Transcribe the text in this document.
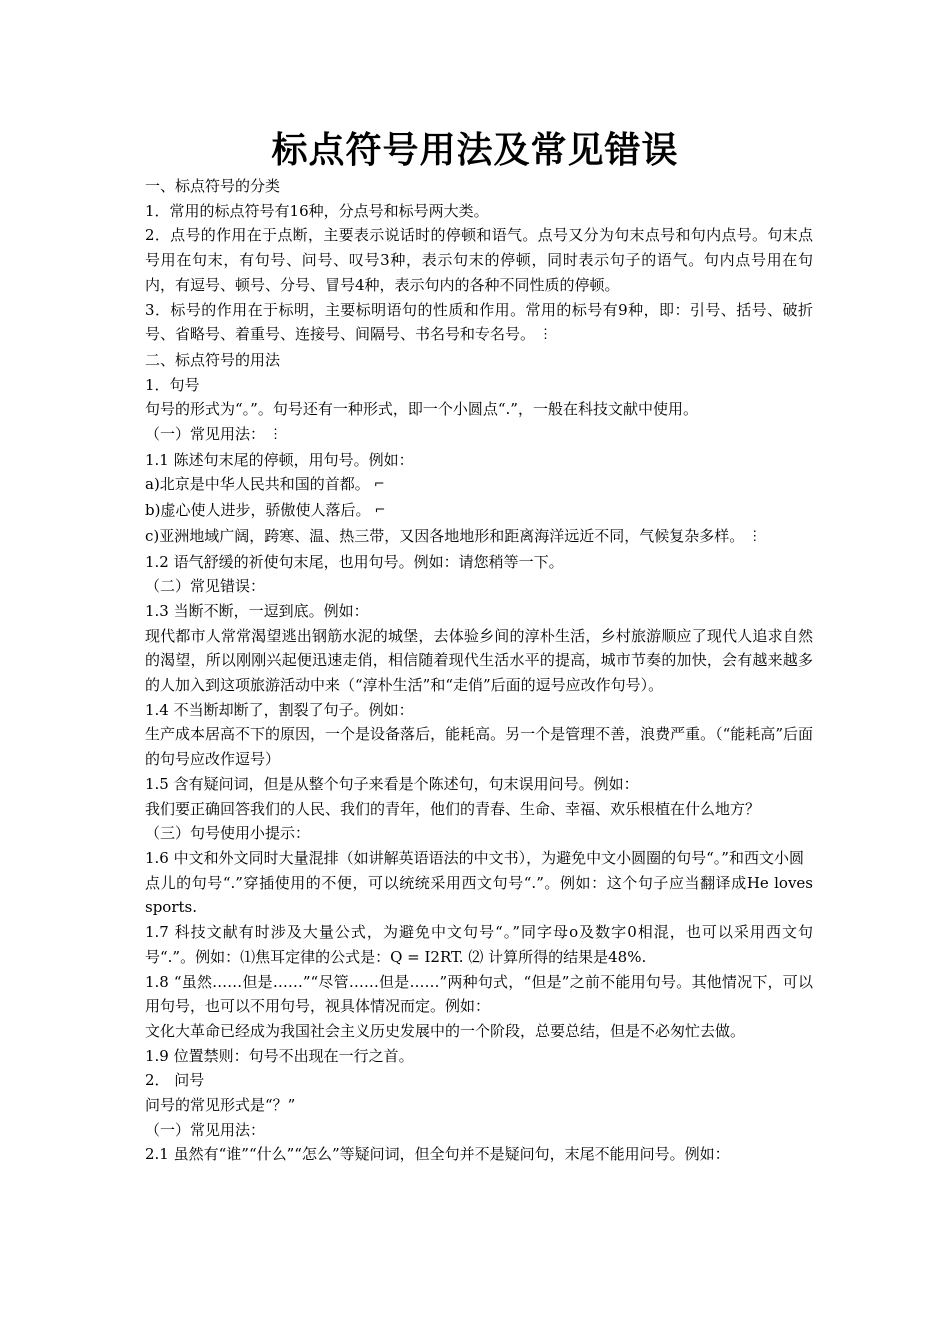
标点符号用法及常见错误

一、标点符号的分类

1．常用的标点符号有16种，分点号和标号两大类。

2．点号的作用在于点断，主要表示说话时的停顿和语气。点号又分为句末点号和句内点号。句末点号用在句末，有句号、问号、叹号3种，表示句末的停顿，同时表示句子的语气。句内点号用在句内，有逗号、顿号、分号、冒号4种，表示句内的各种不同性质的停顿。

3．标号的作用在于标明，主要标明语句的性质和作用。常用的标号有9种，即：引号、括号、破折号、省略号、着重号、连接号、间隔号、书名号和专名号。 ⋮

二、标点符号的用法

1．句号

句号的形式为“。”。句号还有一种形式，即一个小圆点“.”，一般在科技文献中使用。

（一）常见用法： ⋮

1.1 陈述句末尾的停顿，用句号。例如：

a)北京是中华人民共和国的首都。 ⌐

b)虚心使人进步，骄傲使人落后。 ⌐

c)亚洲地域广阔，跨寒、温、热三带，又因各地地形和距离海洋远近不同，气候复杂多样。 ⋮

1.2 语气舒缓的祈使句末尾，也用句号。例如：请您稍等一下。

（二）常见错误：

1.3 当断不断，一逗到底。例如：

现代都市人常常渴望逃出钢筋水泥的城堡，去体验乡间的淳朴生活，乡村旅游顺应了现代人追求自然的渴望，所以刚刚兴起便迅速走俏，相信随着现代生活水平的提高，城市节奏的加快，会有越来越多的人加入到这项旅游活动中来（“淳朴生活”和“走俏”后面的逗号应改作句号）。

1.4 不当断却断了，割裂了句子。例如：

生产成本居高不下的原因，一个是设备落后，能耗高。另一个是管理不善，浪费严重。（“能耗高”后面的句号应改作逗号）

1.5 含有疑问词，但是从整个句子来看是个陈述句，句末误用问号。例如：

我们要正确回答我们的人民、我们的青年，他们的青春、生命、幸福、欢乐根植在什么地方？

（三）句号使用小提示：

1.6 中文和外文同时大量混排（如讲解英语语法的中文书），为避免中文小圆圈的句号“。”和西文小圆

点儿的句号“.”穿插使用的不便，可以统统采用西文句号“.”。例如：这个句子应当翻译成He loves sports.

1.7 科技文献有时涉及大量公式，为避免中文句号“。”同字母o及数字0相混，也可以采用西文句号“.”。例如：⑴焦耳定律的公式是：Q = I2RT. ⑵ 计算所得的结果是48%.

1.8 “虽然……但是……”“尽管……但是……”两种句式，“但是”之前不能用句号。其他情况下，可以用句号，也可以不用句号，视具体情况而定。例如：

文化大革命已经成为我国社会主义历史发展中的一个阶段，总要总结，但是不必匆忙去做。

1.9 位置禁则：句号不出现在一行之首。

2． 问号

问号的常见形式是“？”

（一）常见用法：

2.1 虽然有“谁”“什么”“怎么”等疑问词，但全句并不是疑问句，末尾不能用问号。例如：
